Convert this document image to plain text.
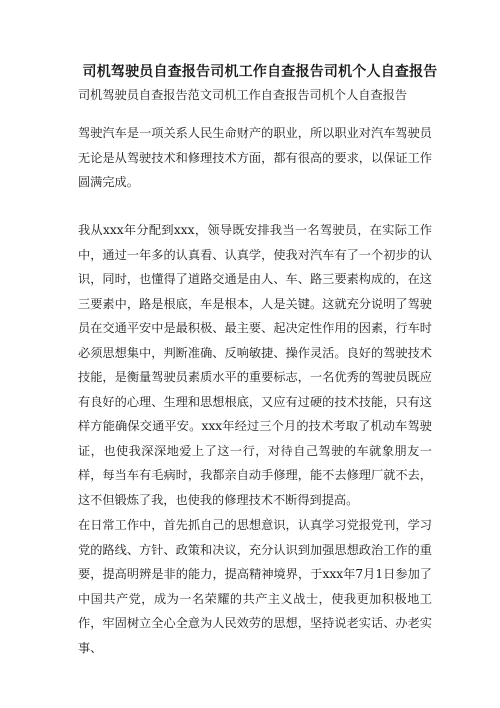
司机驾驶员自查报告司机工作自查报告司机个人自查报告

司机驾驶员自查报告范文司机工作自查报告司机个人自查报告

驾驶汽车是一项关系人民生命财产的职业，所以职业对汽车驾驶员无论是从驾驶技术和修理技术方面，都有很高的要求，以保证工作圆满完成。

我从xxx年分配到xxx，领导既安排我当一名驾驶员，在实际工作中，通过一年多的认真看、认真学，使我对汽车有了一个初步的认识，同时，也懂得了道路交通是由人、车、路三要素构成的，在这三要素中，路是根底，车是根本，人是关键。这就充分说明了驾驶员在交通平安中是最积极、最主要、起决定性作用的因素，行车时必须思想集中，判断准确、反响敏捷、操作灵活。良好的驾驶技术技能，是衡量驾驶员素质水平的重要标志，一名优秀的驾驶员既应有良好的心理、生理和思想根底，又应有过硬的技术技能，只有这样方能确保交通平安。xxx年经过三个月的技术考取了机动车驾驶证，也使我深深地爱上了这一行，对待自己驾驶的车就象朋友一样，每当车有毛病时，我都亲自动手修理，能不去修理厂就不去，这不但锻炼了我，也使我的修理技术不断得到提高。

在日常工作中，首先抓自己的思想意识，认真学习党报党刊，学习党的路线、方针、政策和决议，充分认识到加强思想政治工作的重要，提高明辨是非的能力，提高精神境界，于xxx年7月1日参加了中国共产党，成为一名荣耀的共产主义战士，使我更加积极地工作，牢固树立全心全意为人民效劳的思想，坚持说老实话、办老实事、
